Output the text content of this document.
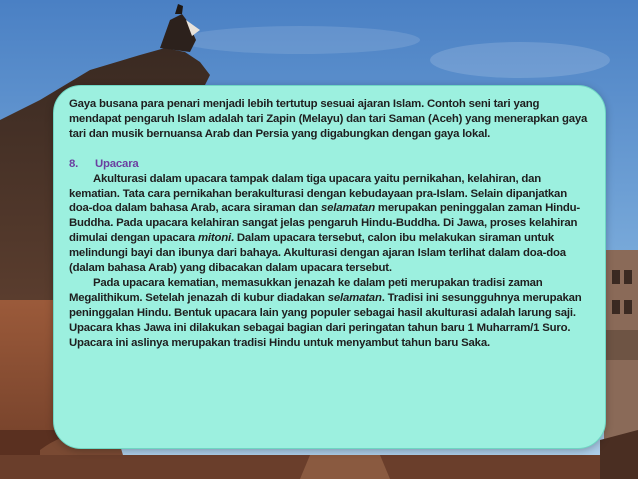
Gaya busana para penari menjadi lebih tertutup sesuai ajaran Islam. Contoh seni tari yang mendapat pengaruh Islam adalah tari Zapin (Melayu) dan tari Saman (Aceh) yang menerapkan gaya tari dan musik bernuansa Arab dan Persia yang digabungkan dengan gaya lokal.

8. Upacara

Akulturasi dalam upacara tampak dalam tiga upacara yaitu pernikahan, kelahiran, dan kematian. Tata cara pernikahan berakulturasi dengan kebudayaan pra-Islam. Selain dipanjatkan doa-doa dalam bahasa Arab, acara siraman dan selamatan merupakan peninggalan zaman Hindu-Buddha. Pada upacara kelahiran sangat jelas pengaruh Hindu-Buddha. Di Jawa, proses kelahiran dimulai dengan upacara mitoni. Dalam upacara tersebut, calon ibu melakukan siraman untuk melindungi bayi dan ibunya dari bahaya. Akulturasi dengan ajaran Islam terlihat dalam doa-doa (dalam bahasa Arab) yang dibacakan dalam upacara tersebut.

Pada upacara kematian, memasukkan jenazah ke dalam peti merupakan tradisi zaman Megalithikum. Setelah jenazah di kubur diadakan selamatan. Tradisi ini sesungguhnya merupakan peninggalan Hindu. Bentuk upacara lain yang populer sebagai hasil akulturasi adalah larung saji. Upacara khas Jawa ini dilakukan sebagai bagian dari peringatan tahun baru 1 Muharram/1 Suro. Upacara ini aslinya merupakan tradisi Hindu untuk menyambut tahun baru Saka.
